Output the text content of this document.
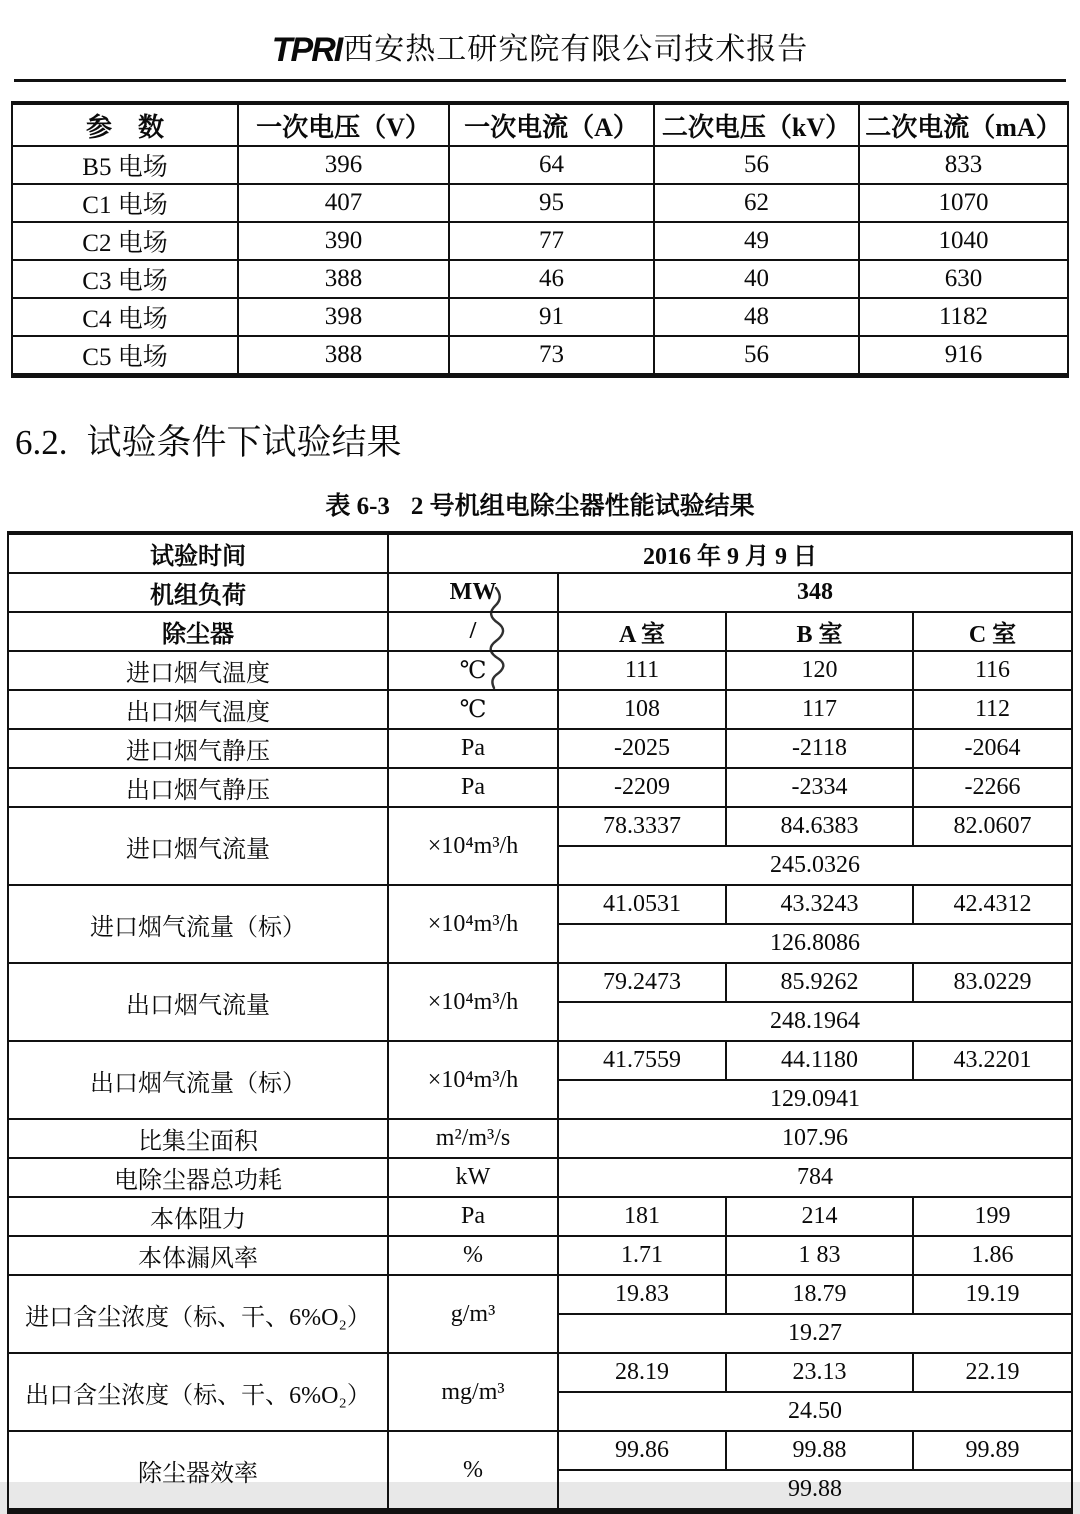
TPRI西安热工研究院有限公司技术报告
参　数	一次电压（V）	一次电流（A）	二次电压（kV）	二次电流（mA）
B5 电场	396	64	56	833
C1 电场	407	95	62	1070
C2 电场	390	77	49	1040
C3 电场	388	46	40	630
C4 电场	398	91	48	1182
C5 电场	388	73	56	916
6.2. 试验条件下试验结果
表 6-3 2 号机组电除尘器性能试验结果
试验时间	2016 年 9 月 9 日			
机组负荷	MW	348		
除尘器	/	A 室	B 室	C 室
进口烟气温度	℃	111	120	116
出口烟气温度	℃	108	117	112
进口烟气静压	Pa	-2025	-2118	-2064
出口烟气静压	Pa	-2209	-2334	-2266
进口烟气流量	×10⁴m³/h	78.3337	84.6383	82.0607
		245.0326		
进口烟气流量（标）	×10⁴m³/h	41.0531	43.3243	42.4312
		126.8086		
出口烟气流量	×10⁴m³/h	79.2473	85.9262	83.0229
		248.1964		
出口烟气流量（标）	×10⁴m³/h	41.7559	44.1180	43.2201
		129.0941		
比集尘面积	m²/m³/s	107.96		
电除尘器总功耗	kW	784		
本体阻力	Pa	181	214	199
本体漏风率	%	1.71	1 83	1.86
进口含尘浓度（标、干、6%O₂）	g/m³	19.83	18.79	19.19
		19.27		
出口含尘浓度（标、干、6%O₂）	mg/m³	28.19	23.13	22.19
		24.50		
除尘器效率	%	99.86	99.88	99.89
		99.88		
